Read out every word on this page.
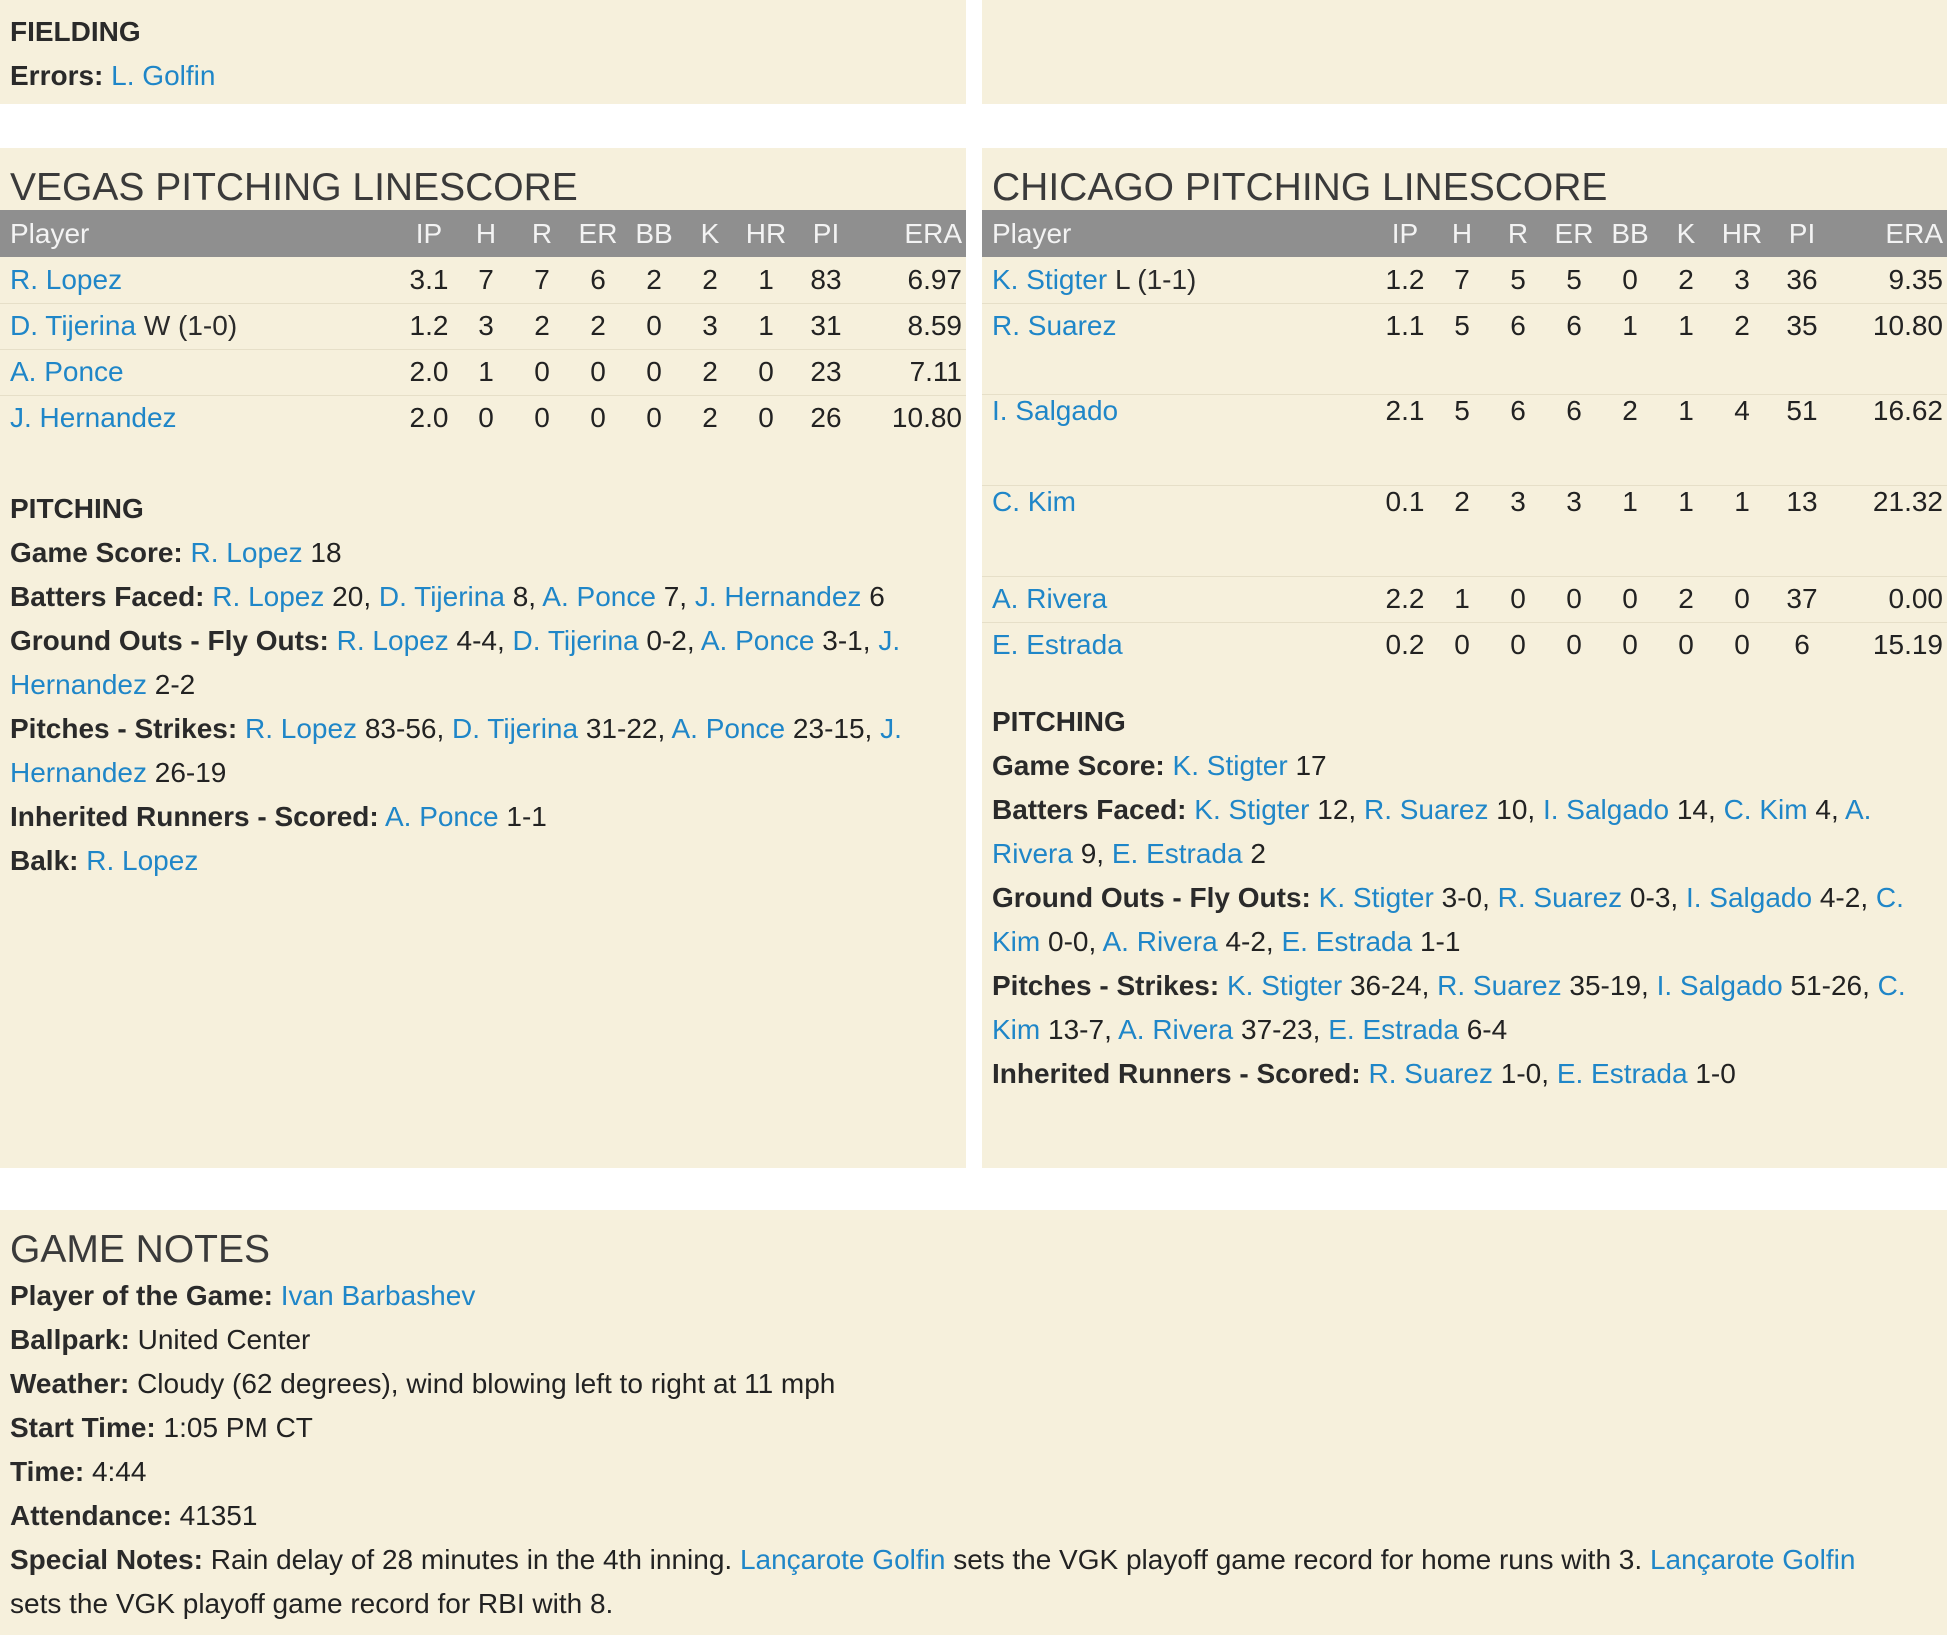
FIELDING
Errors: L. Golfin
VEGAS PITCHING LINESCORE
Player	IP	H	R	ER	BB	K	HR	PI	ERA
R. Lopez	3.1	7	7	6	2	2	1	83	6.97
D. Tijerina W (1-0)	1.2	3	2	2	0	3	1	31	8.59
A. Ponce	2.0	1	0	0	0	2	0	23	7.11
J. Hernandez	2.0	0	0	0	0	2	0	26	10.80
PITCHING
Game Score: R. Lopez 18
Batters Faced: R. Lopez 20, D. Tijerina 8, A. Ponce 7, J. Hernandez 6
Ground Outs - Fly Outs: R. Lopez 4-4, D. Tijerina 0-2, A. Ponce 3-1, J. Hernandez 2-2
Pitches - Strikes: R. Lopez 83-56, D. Tijerina 31-22, A. Ponce 23-15, J. Hernandez 26-19
Inherited Runners - Scored: A. Ponce 1-1
Balk: R. Lopez
CHICAGO PITCHING LINESCORE
Player	IP	H	R	ER	BB	K	HR	PI	ERA
K. Stigter L (1-1)	1.2	7	5	5	0	2	3	36	9.35
R. Suarez	1.1	5	6	6	1	1	2	35	10.80
I. Salgado	2.1	5	6	6	2	1	4	51	16.62
C. Kim	0.1	2	3	3	1	1	1	13	21.32
A. Rivera	2.2	1	0	0	0	2	0	37	0.00
E. Estrada	0.2	0	0	0	0	0	0	6	15.19
PITCHING
Game Score: K. Stigter 17
Batters Faced: K. Stigter 12, R. Suarez 10, I. Salgado 14, C. Kim 4, A. Rivera 9, E. Estrada 2
Ground Outs - Fly Outs: K. Stigter 3-0, R. Suarez 0-3, I. Salgado 4-2, C. Kim 0-0, A. Rivera 4-2, E. Estrada 1-1
Pitches - Strikes: K. Stigter 36-24, R. Suarez 35-19, I. Salgado 51-26, C. Kim 13-7, A. Rivera 37-23, E. Estrada 6-4
Inherited Runners - Scored: R. Suarez 1-0, E. Estrada 1-0
GAME NOTES
Player of the Game: Ivan Barbashev
Ballpark: United Center
Weather: Cloudy (62 degrees), wind blowing left to right at 11 mph
Start Time: 1:05 PM CT
Time: 4:44
Attendance: 41351
Special Notes: Rain delay of 28 minutes in the 4th inning. Lançarote Golfin sets the VGK playoff game record for home runs with 3. Lançarote Golfin sets the VGK playoff game record for RBI with 8.
